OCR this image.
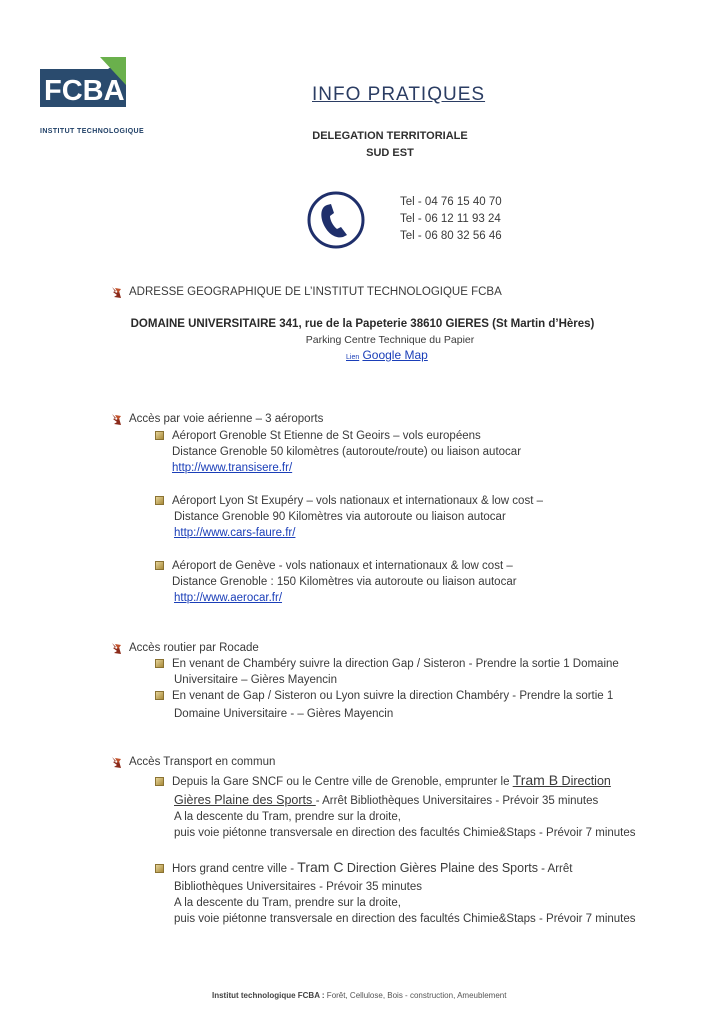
FCBA
INSTITUT TECHNOLOGIQUE
INFO PRATIQUES
DELEGATION TERRITORIALE
SUD EST
Tel - 04 76 15 40 70
Tel - 06 12 11 93 24
Tel - 06 80 32 56 46
ADRESSE GEOGRAPHIQUE DE L’INSTITUT TECHNOLOGIQUE FCBA
DOMAINE UNIVERSITAIRE 341, rue de la Papeterie 38610 GIERES (St Martin d’Hères)
Parking Centre Technique du Papier
Lien Google Map
Accès par voie aérienne – 3 aéroports
Aéroport Grenoble St Etienne de St Geoirs – vols européens
Distance Grenoble 50 kilomètres (autoroute/route) ou liaison autocar
http://www.transisere.fr/
Aéroport Lyon St Exupéry – vols nationaux et internationaux & low cost –
Distance Grenoble 90 Kilomètres via autoroute ou liaison autocar
http://www.cars-faure.fr/
Aéroport de Genève - vols nationaux et internationaux & low cost –
Distance Grenoble : 150 Kilomètres via autoroute ou liaison autocar
http://www.aerocar.fr/
Accès routier par Rocade
En venant de Chambéry suivre la direction Gap / Sisteron - Prendre la sortie 1 Domaine
Universitaire – Gières Mayencin
En venant de Gap / Sisteron ou Lyon suivre la direction Chambéry - Prendre la sortie 1
Domaine Universitaire - – Gières Mayencin
Accès Transport en commun
Depuis la Gare SNCF ou le Centre ville de Grenoble, emprunter le Tram B Direction
Gières Plaine des Sports - Arrêt Bibliothèques Universitaires - Prévoir 35 minutes
A la descente du Tram, prendre sur la droite,
puis voie piétonne transversale en direction des facultés Chimie&Staps - Prévoir 7 minutes
Hors grand centre ville - Tram C Direction Gières Plaine des Sports - Arrêt
Bibliothèques Universitaires - Prévoir 35 minutes
A la descente du Tram, prendre sur la droite,
puis voie piétonne transversale en direction des facultés Chimie&Staps - Prévoir 7 minutes
Institut technologique FCBA : Forêt, Cellulose, Bois - construction, Ameublement
